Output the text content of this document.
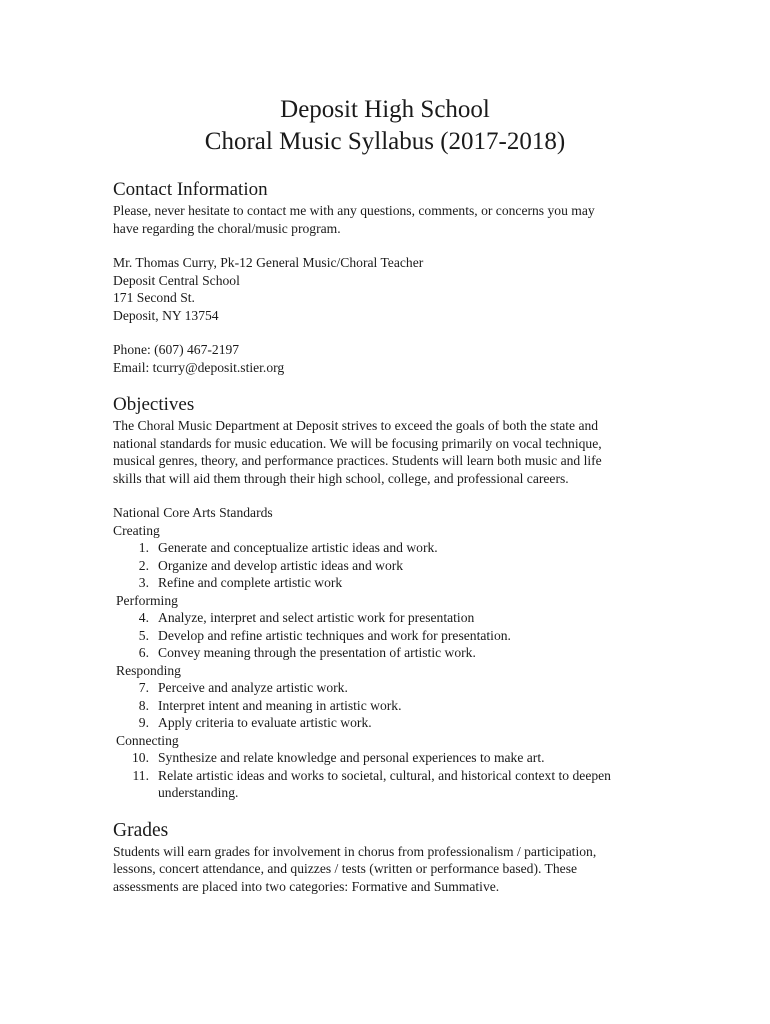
Deposit High School
Choral Music Syllabus (2017-2018)
Contact Information

Please, never hesitate to contact me with any questions, comments, or concerns you may

have regarding the choral/music program.

Mr. Thomas Curry, Pk-12 General Music/Choral Teacher

Deposit Central School

171 Second St.

Deposit, NY 13754

Phone: (607) 467-2197

Email: tcurry@deposit.stier.org

Objectives

The Choral Music Department at Deposit strives to exceed the goals of both the state and

national standards for music education. We will be focusing primarily on vocal technique,

musical genres, theory, and performance practices. Students will learn both music and life

skills that will aid them through their high school, college, and professional careers.

National Core Arts Standards

Creating

1. Generate and conceptualize artistic ideas and work.
2. Organize and develop artistic ideas and work
3. Refine and complete artistic work

Performing

4. Analyze, interpret and select artistic work for presentation
5. Develop and refine artistic techniques and work for presentation.
6. Convey meaning through the presentation of artistic work.

Responding

7. Perceive and analyze artistic work.
8. Interpret intent and meaning in artistic work.
9. Apply criteria to evaluate artistic work.

Connecting

10. Synthesize and relate knowledge and personal experiences to make art.
11. Relate artistic ideas and works to societal, cultural, and historical context to deepen understanding.
Grades

Students will earn grades for involvement in chorus from professionalism / participation,

lessons, concert attendance, and quizzes / tests (written or performance based). These

assessments are placed into two categories: Formative and Summative.
